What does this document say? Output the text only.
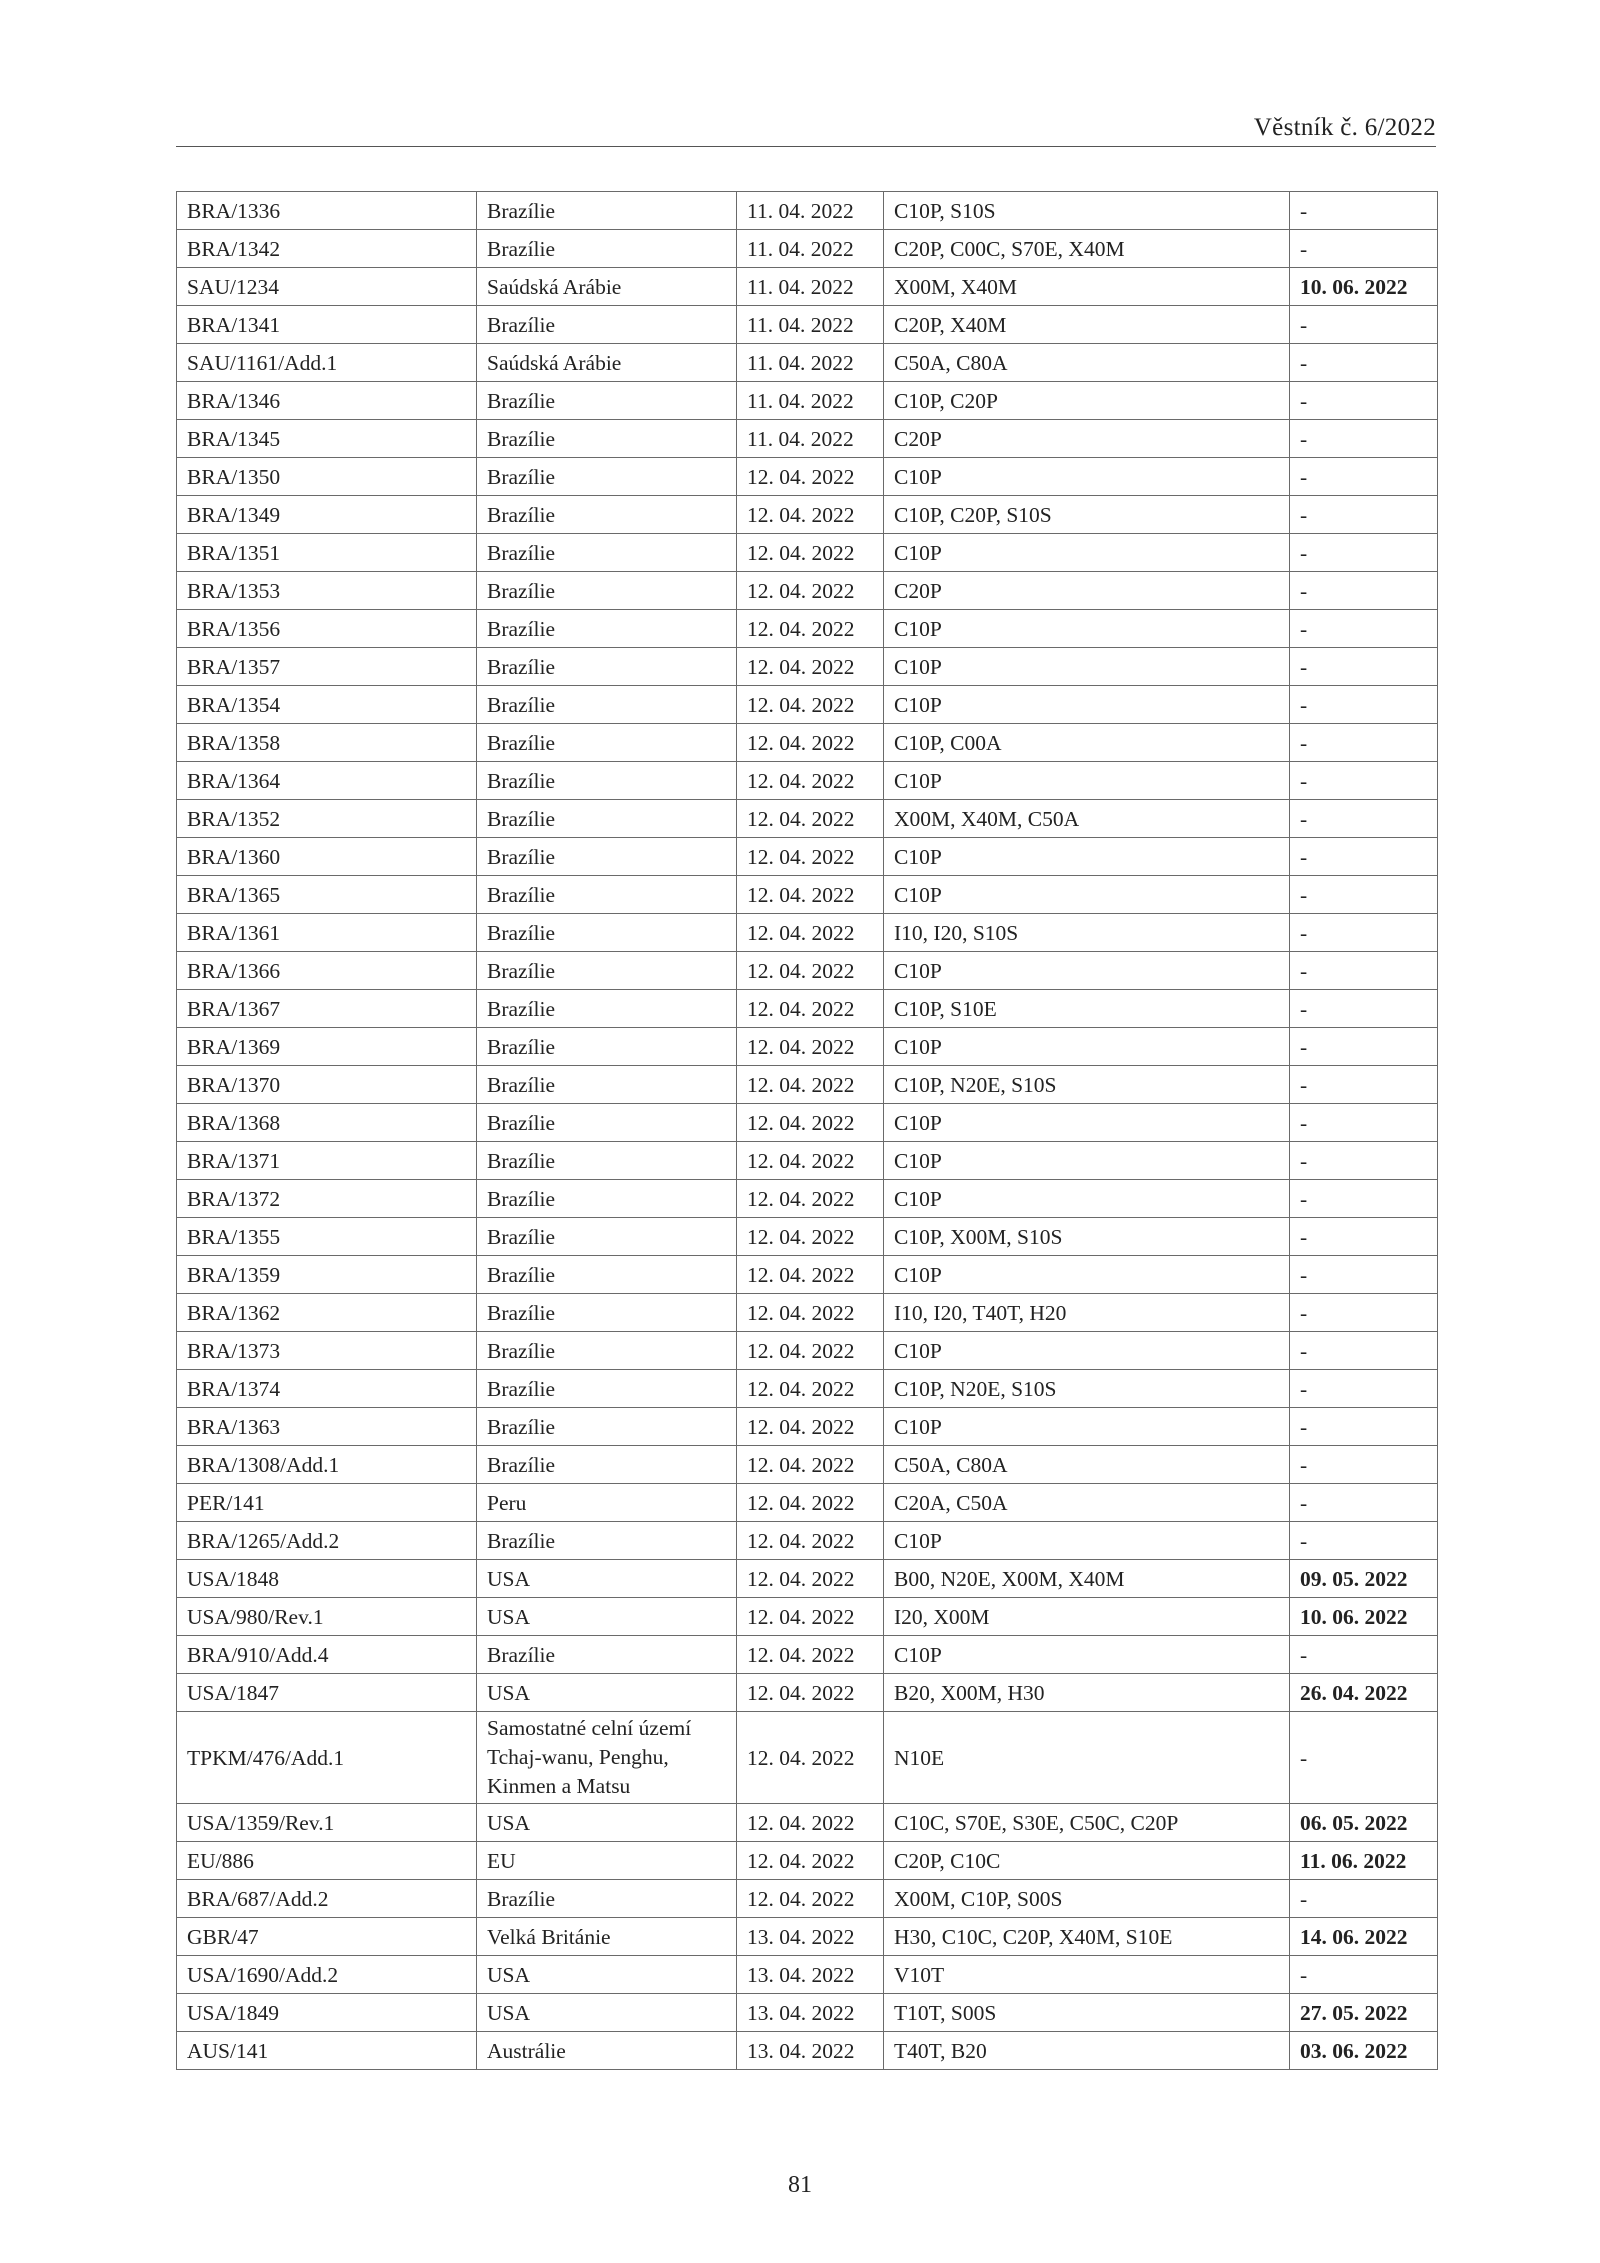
Věstník č. 6/2022
BRA/1336	Brazílie	11. 04. 2022	C10P, S10S	-
BRA/1342	Brazílie	11. 04. 2022	C20P, C00C, S70E, X40M	-
SAU/1234	Saúdská Arábie	11. 04. 2022	X00M, X40M	10. 06. 2022
BRA/1341	Brazílie	11. 04. 2022	C20P, X40M	-
SAU/1161/Add.1	Saúdská Arábie	11. 04. 2022	C50A, C80A	-
BRA/1346	Brazílie	11. 04. 2022	C10P, C20P	-
BRA/1345	Brazílie	11. 04. 2022	C20P	-
BRA/1350	Brazílie	12. 04. 2022	C10P	-
BRA/1349	Brazílie	12. 04. 2022	C10P, C20P, S10S	-
BRA/1351	Brazílie	12. 04. 2022	C10P	-
BRA/1353	Brazílie	12. 04. 2022	C20P	-
BRA/1356	Brazílie	12. 04. 2022	C10P	-
BRA/1357	Brazílie	12. 04. 2022	C10P	-
BRA/1354	Brazílie	12. 04. 2022	C10P	-
BRA/1358	Brazílie	12. 04. 2022	C10P, C00A	-
BRA/1364	Brazílie	12. 04. 2022	C10P	-
BRA/1352	Brazílie	12. 04. 2022	X00M, X40M, C50A	-
BRA/1360	Brazílie	12. 04. 2022	C10P	-
BRA/1365	Brazílie	12. 04. 2022	C10P	-
BRA/1361	Brazílie	12. 04. 2022	I10, I20, S10S	-
BRA/1366	Brazílie	12. 04. 2022	C10P	-
BRA/1367	Brazílie	12. 04. 2022	C10P, S10E	-
BRA/1369	Brazílie	12. 04. 2022	C10P	-
BRA/1370	Brazílie	12. 04. 2022	C10P, N20E, S10S	-
BRA/1368	Brazílie	12. 04. 2022	C10P	-
BRA/1371	Brazílie	12. 04. 2022	C10P	-
BRA/1372	Brazílie	12. 04. 2022	C10P	-
BRA/1355	Brazílie	12. 04. 2022	C10P, X00M, S10S	-
BRA/1359	Brazílie	12. 04. 2022	C10P	-
BRA/1362	Brazílie	12. 04. 2022	I10, I20, T40T, H20	-
BRA/1373	Brazílie	12. 04. 2022	C10P	-
BRA/1374	Brazílie	12. 04. 2022	C10P, N20E, S10S	-
BRA/1363	Brazílie	12. 04. 2022	C10P	-
BRA/1308/Add.1	Brazílie	12. 04. 2022	C50A, C80A	-
PER/141	Peru	12. 04. 2022	C20A, C50A	-
BRA/1265/Add.2	Brazílie	12. 04. 2022	C10P	-
USA/1848	USA	12. 04. 2022	B00, N20E, X00M, X40M	09. 05. 2022
USA/980/Rev.1	USA	12. 04. 2022	I20, X00M	10. 06. 2022
BRA/910/Add.4	Brazílie	12. 04. 2022	C10P	-
USA/1847	USA	12. 04. 2022	B20, X00M, H30	26. 04. 2022
TPKM/476/Add.1	Samostatné celní území Tchaj-wanu, Penghu, Kinmen a Matsu	12. 04. 2022	N10E	-
USA/1359/Rev.1	USA	12. 04. 2022	C10C, S70E, S30E, C50C, C20P	06. 05. 2022
EU/886	EU	12. 04. 2022	C20P, C10C	11. 06. 2022
BRA/687/Add.2	Brazílie	12. 04. 2022	X00M, C10P, S00S	-
GBR/47	Velká Británie	13. 04. 2022	H30, C10C, C20P, X40M, S10E	14. 06. 2022
USA/1690/Add.2	USA	13. 04. 2022	V10T	-
USA/1849	USA	13. 04. 2022	T10T, S00S	27. 05. 2022
AUS/141	Austrálie	13. 04. 2022	T40T, B20	03. 06. 2022
81
